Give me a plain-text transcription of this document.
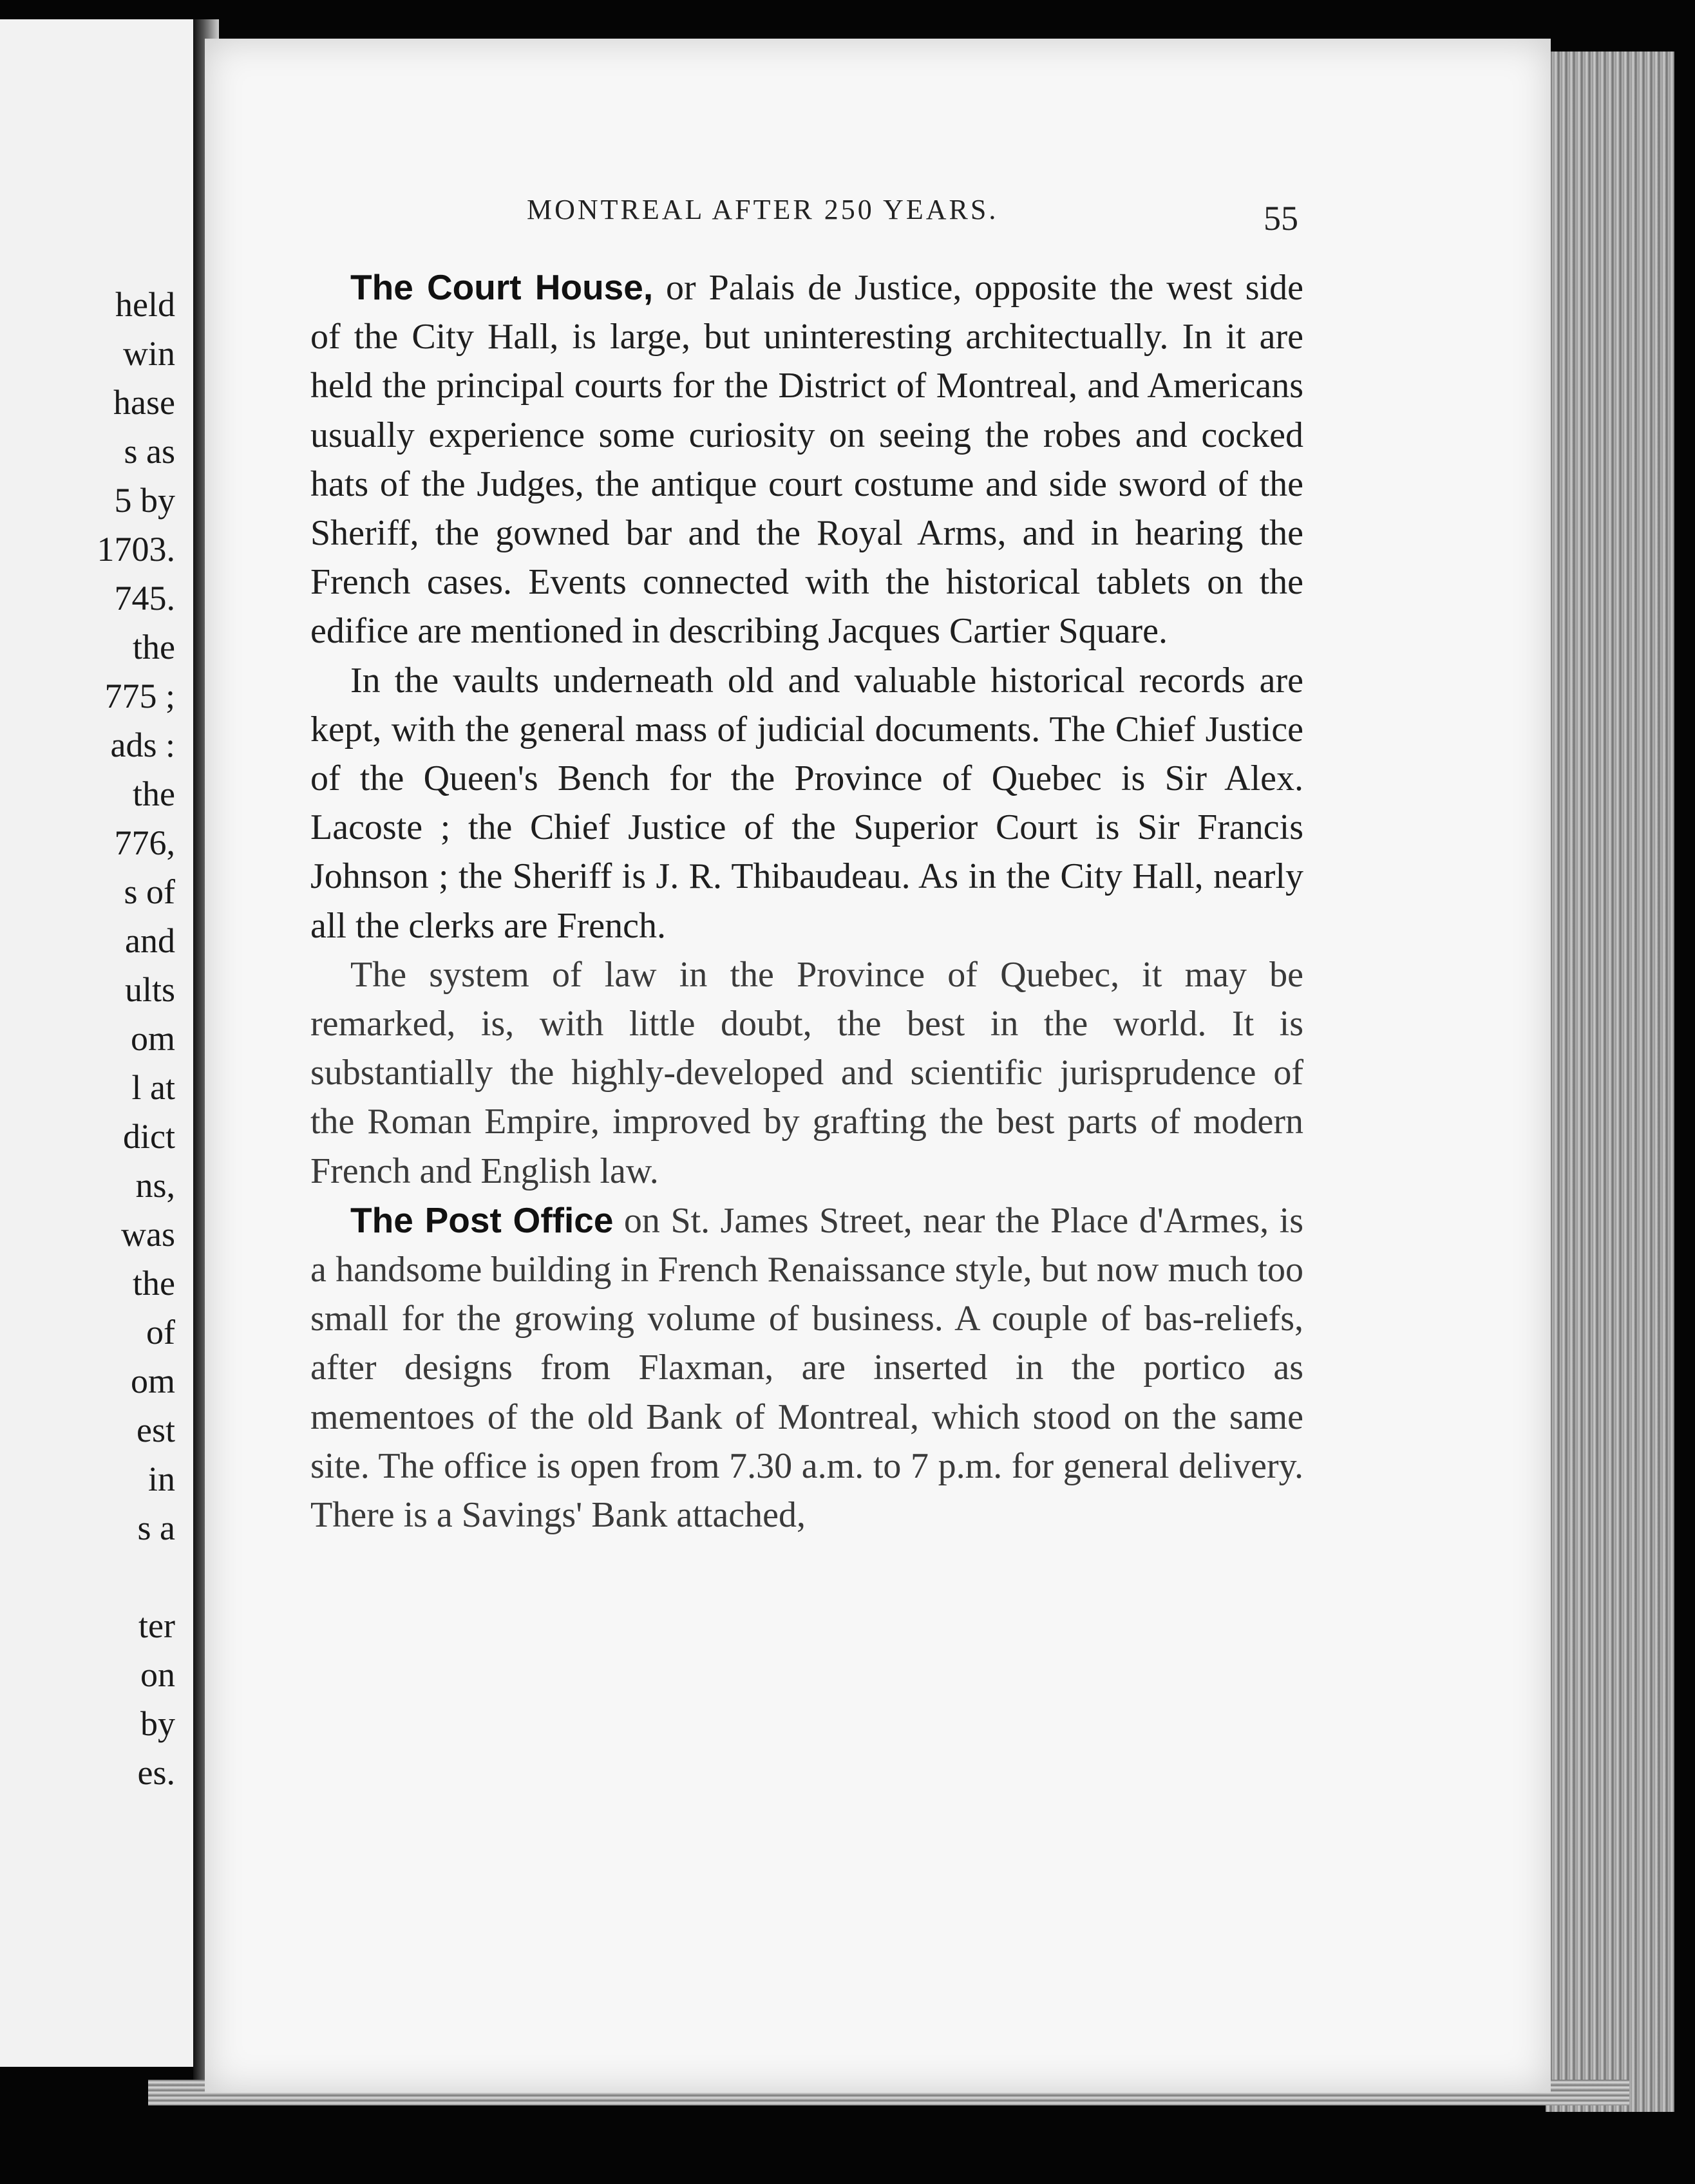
held
win
hase
s as
5 by
1703.
745.
the
775 ;
ads :
the
776,
s of
and
ults
om
l at
dict
ns,
was
the
of
om
est
in
s a
ter
on
by
es.
MONTREAL AFTER 250 YEARS.	55

The Court House, or Palais de Justice, opposite the west side of the City Hall, is large, but uninteresting architectually. In it are held the principal courts for the District of Montreal, and Americans usually experience some curiosity on seeing the robes and cocked hats of the Judges, the antique court costume and side sword of the Sheriff, the gowned bar and the Royal Arms, and in hearing the French cases. Events connected with the historical tablets on the edifice are mentioned in describing Jacques Cartier Square.

In the vaults underneath old and valuable historical records are kept, with the general mass of judicial documents. The Chief Justice of the Queen's Bench for the Province of Quebec is Sir Alex. Lacoste ; the Chief Justice of the Superior Court is Sir Francis Johnson ; the Sheriff is J. R. Thibaudeau. As in the City Hall, nearly all the clerks are French.

The system of law in the Province of Quebec, it may be remarked, is, with little doubt, the best in the world. It is substantially the highly-developed and scientific jurisprudence of the Roman Empire, improved by grafting the best parts of modern French and English law.

The Post Office on St. James Street, near the Place d'Armes, is a handsome building in French Renaissance style, but now much too small for the growing volume of business. A couple of bas-reliefs, after designs from Flaxman, are inserted in the portico as mementoes of the old Bank of Montreal, which stood on the same site. The office is open from 7.30 a.m. to 7 p.m. for general delivery. There is a Savings' Bank attached,
